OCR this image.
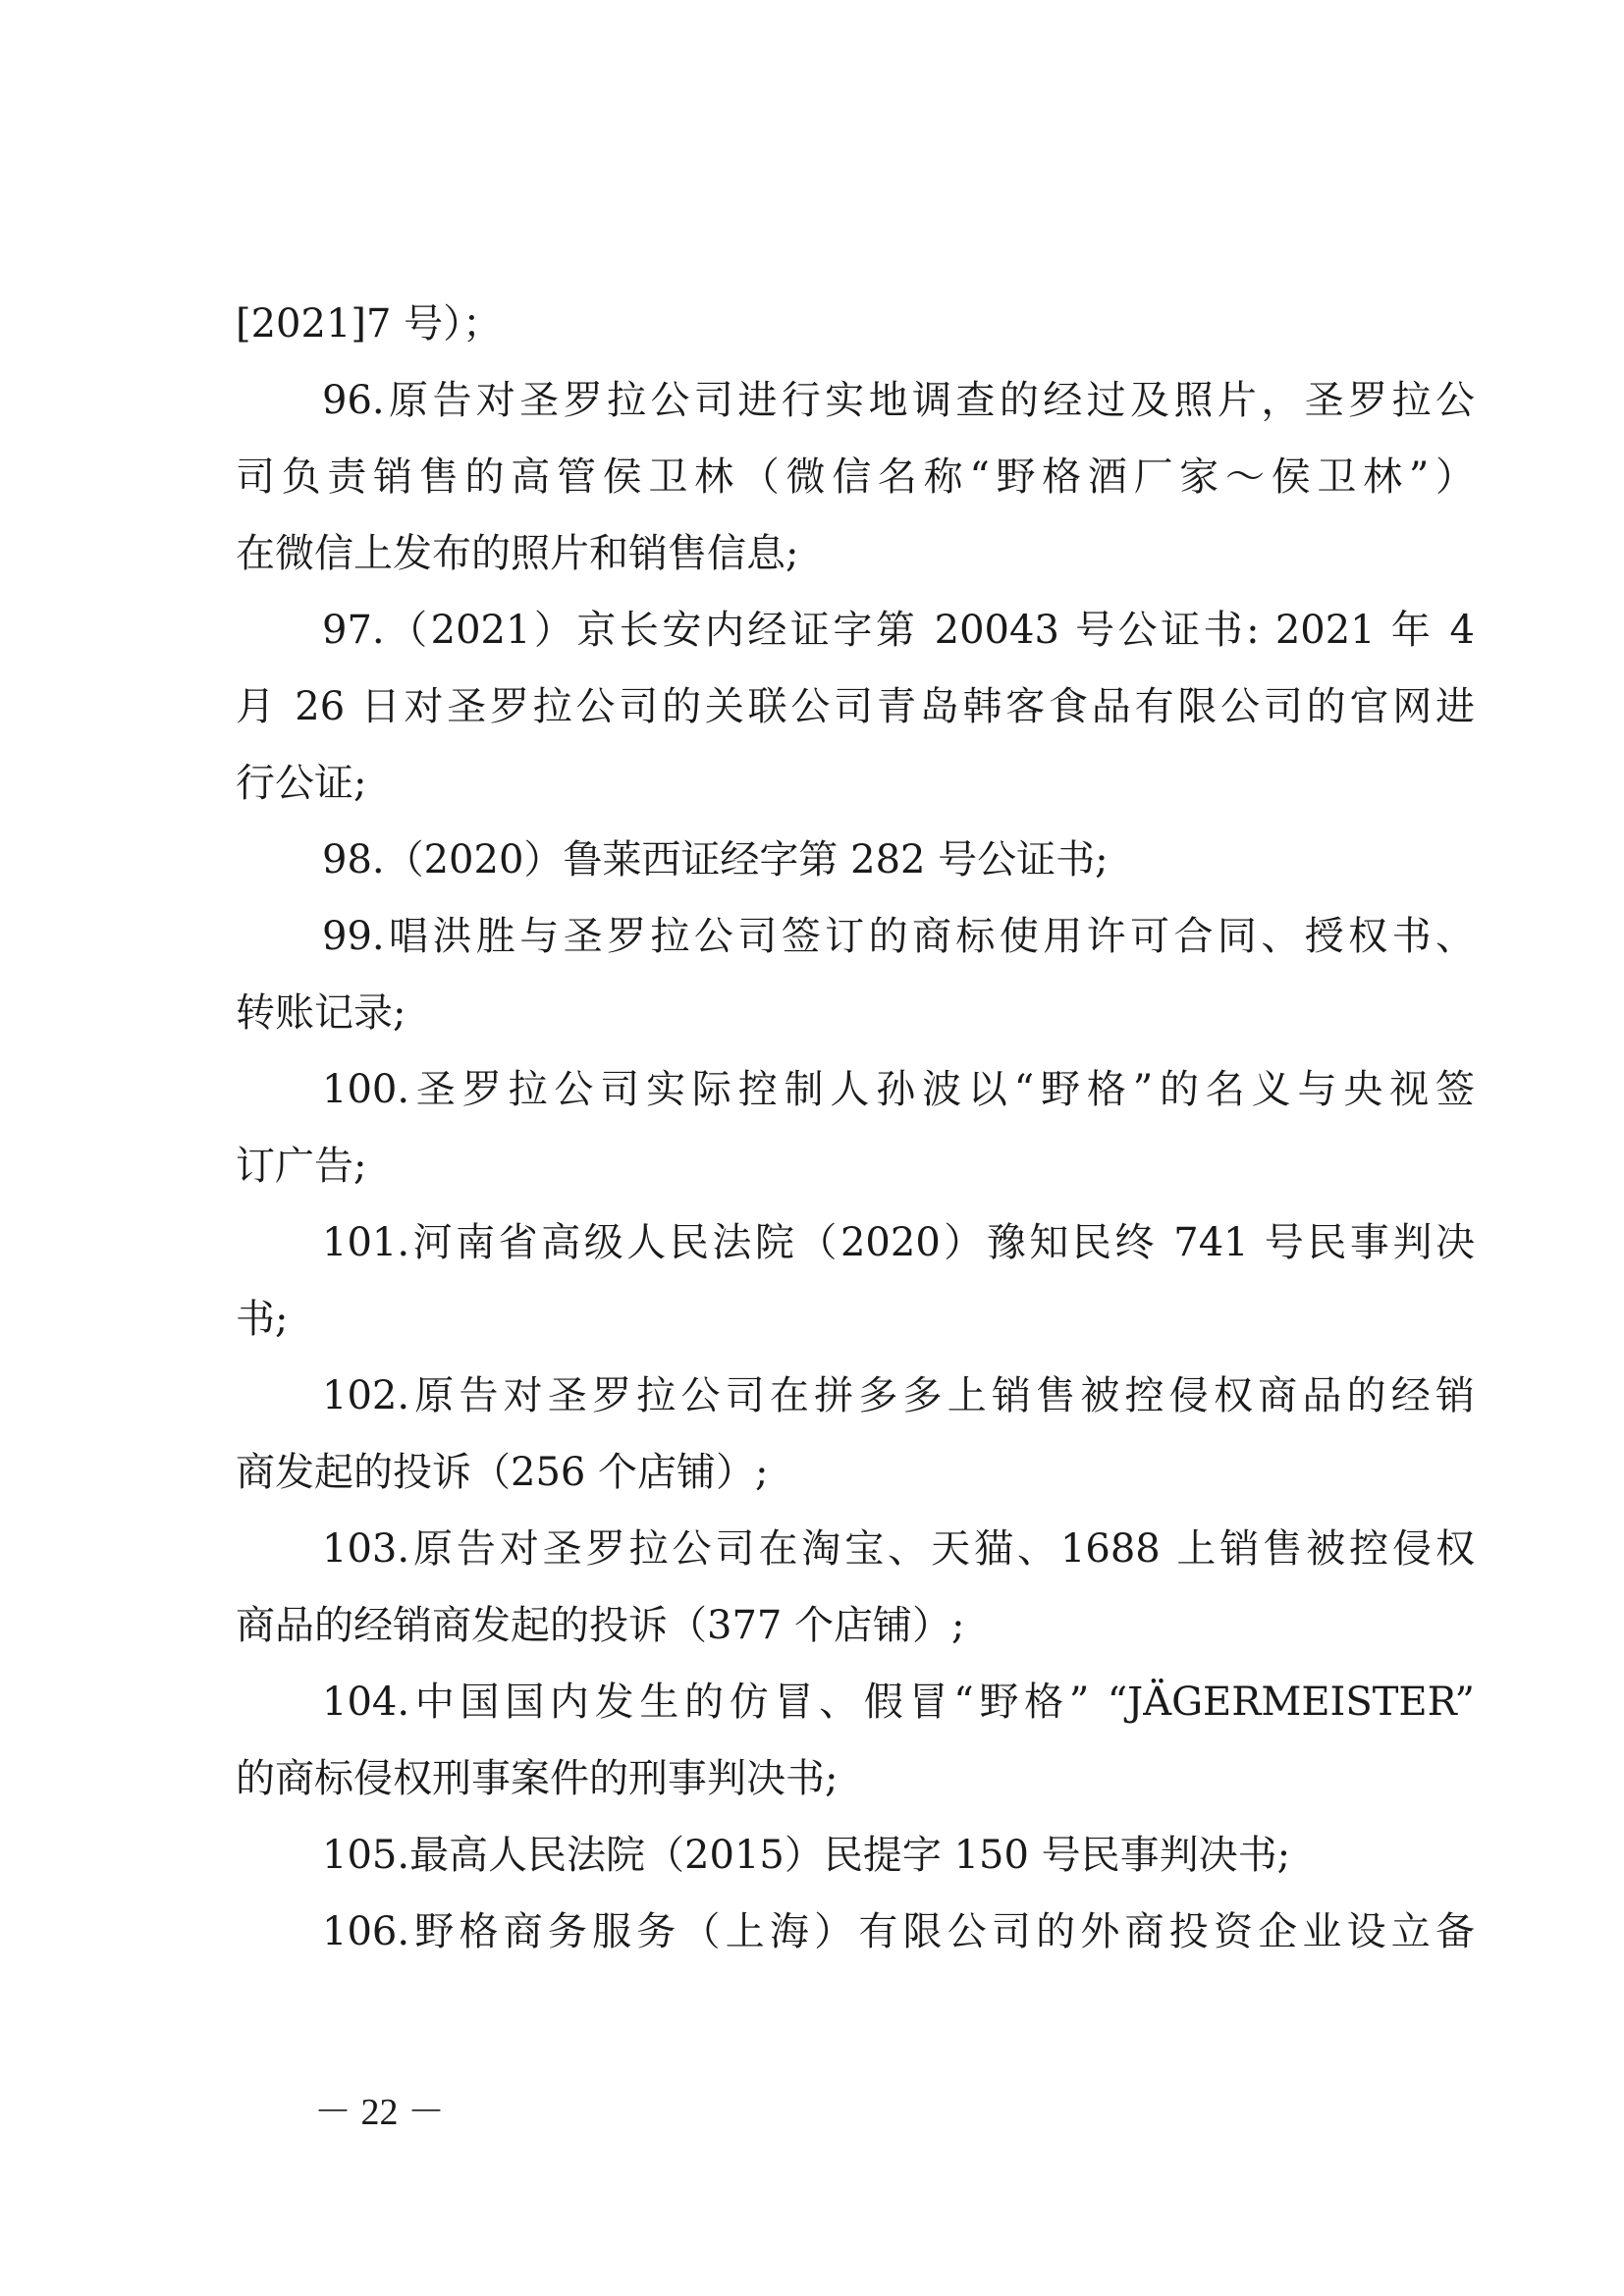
[2021]7 号）；
96.原告对圣罗拉公司进行实地调查的经过及照片，圣罗拉公
司负责销售的高管侯卫林（微信名称“野格酒厂家～侯卫林”）
在微信上发布的照片和销售信息;
97.（2021）京长安内经证字第 20043 号公证书: 2021 年 4
月 26 日对圣罗拉公司的关联公司青岛韩客食品有限公司的官网进
行公证;
98.（2020）鲁莱西证经字第 282 号公证书;
99.唱洪胜与圣罗拉公司签订的商标使用许可合同、授权书、
转账记录;
100.圣罗拉公司实际控制人孙波以“野格”的名义与央视签
订广告;
101.河南省高级人民法院（2020）豫知民终 741 号民事判决
书;
102.原告对圣罗拉公司在拼多多上销售被控侵权商品的经销
商发起的投诉（256 个店铺）;
103.原告对圣罗拉公司在淘宝、天猫、1688 上销售被控侵权
商品的经销商发起的投诉（377 个店铺）;
104.中国国内发生的仿冒、假冒“野格” “JÄGERMEISTER”
的商标侵权刑事案件的刑事判决书;
105.最高人民法院（2015）民提字 150 号民事判决书;
106.野格商务服务（上海）有限公司的外商投资企业设立备
－ 22 －
